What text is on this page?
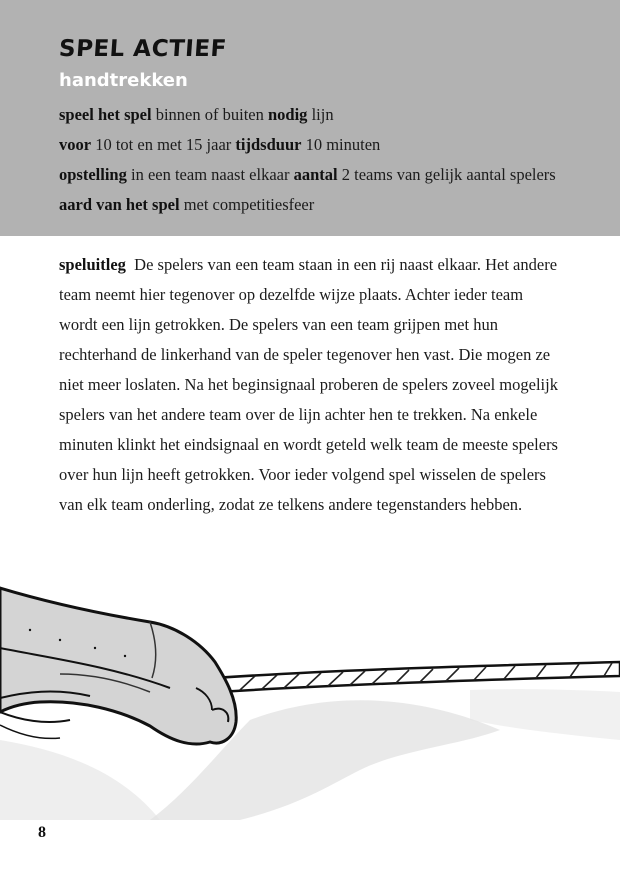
SPEL ACTIEF
handtrekken
speel het spel binnen of buiten nodig lijn
voor 10 tot en met 15 jaar tijdsduur 10 minuten
opstelling in een team naast elkaar aantal 2 teams van gelijk aantal spelers aard van het spel met competitiesfeer
speluitleg De spelers van een team staan in een rij naast elkaar. Het andere team neemt hier tegenover op dezelfde wijze plaats. Achter ieder team wordt een lijn getrokken. De spelers van een team grijpen met hun rechterhand de linkerhand van de speler tegenover hen vast. Die mogen ze niet meer loslaten. Na het beginsignaal proberen de spelers zoveel mogelijk spelers van het andere team over de lijn achter hen te trekken. Na enkele minuten klinkt het eindsignaal en wordt geteld welk team de meeste spelers over hun lijn heeft getrokken. Voor ieder volgend spel wisselen de spelers van elk team onderling, zodat ze telkens andere tegenstanders hebben.
8
